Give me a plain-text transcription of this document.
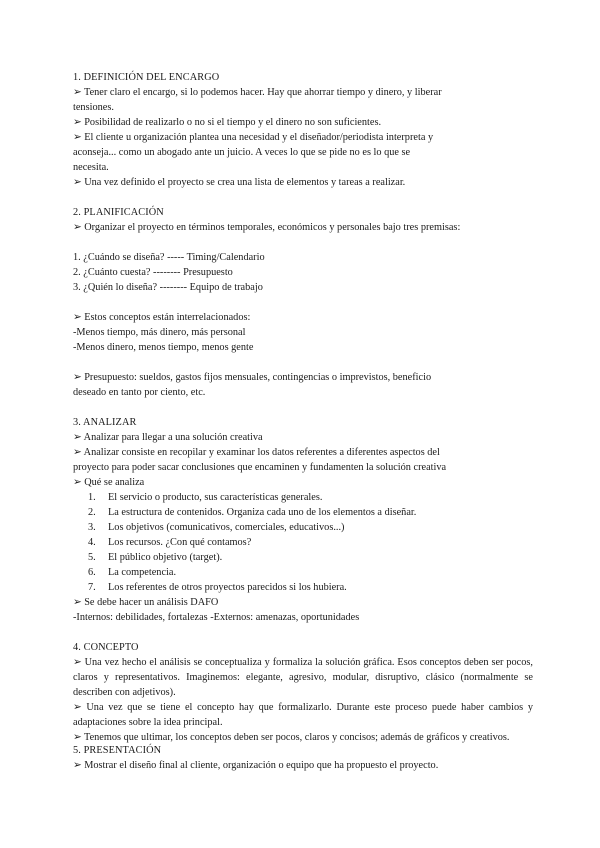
1. DEFINICIÓN DEL ENCARGO
➢ Tener claro el encargo, si lo podemos hacer. Hay que ahorrar tiempo y dinero, y liberar
tensiones.
➢ Posibilidad de realizarlo o no si el tiempo y el dinero no son suficientes.
➢ El cliente u organización plantea una necesidad y el diseñador/periodista interpreta y
aconseja... como un abogado ante un juicio. A veces lo que se pide no es lo que se
necesita.
➢ Una vez definido el proyecto se crea una lista de elementos y tareas a realizar.
2. PLANIFICACIÓN
➢ Organizar el proyecto en términos temporales, económicos y personales bajo tres premisas:
1. ¿Cuándo se diseña? ----- Timing/Calendario
2. ¿Cuánto cuesta? -------- Presupuesto
3. ¿Quién lo diseña? -------- Equipo de trabajo
➢ Estos conceptos están interrelacionados:
-Menos tiempo, más dinero, más personal
-Menos dinero, menos tiempo, menos gente
➢ Presupuesto: sueldos, gastos fijos mensuales, contingencias o imprevistos, beneficio
deseado en tanto por ciento, etc.
3. ANALIZAR
➢ Analizar para llegar a una solución creativa
➢ Analizar consiste en recopilar y examinar los datos referentes a diferentes aspectos del
proyecto para poder sacar conclusiones que encaminen y fundamenten la solución creativa
➢ Qué se analiza
1. El servicio o producto, sus características generales.
2. La estructura de contenidos. Organiza cada uno de los elementos a diseñar.
3. Los objetivos (comunicativos, comerciales, educativos...)
4. Los recursos. ¿Con qué contamos?
5. El público objetivo (target).
6. La competencia.
7. Los referentes de otros proyectos parecidos si los hubiera.
➢ Se debe hacer un análisis DAFO
-Internos: debilidades, fortalezas -Externos: amenazas, oportunidades
4. CONCEPTO
➢ Una vez hecho el análisis se conceptualiza y formaliza la solución gráfica. Esos conceptos deben ser pocos, claros y representativos. Imaginemos: elegante, agresivo, modular, disruptivo, clásico (normalmente se describen con adjetivos).
➢ Una vez que se tiene el concepto hay que formalizarlo. Durante este proceso puede haber cambios y adaptaciones sobre la idea principal.
➢ Tenemos que ultimar, los conceptos deben ser pocos, claros y concisos; además de gráficos y creativos.
5. PRESENTACIÓN
➢ Mostrar el diseño final al cliente, organización o equipo que ha propuesto el proyecto.
